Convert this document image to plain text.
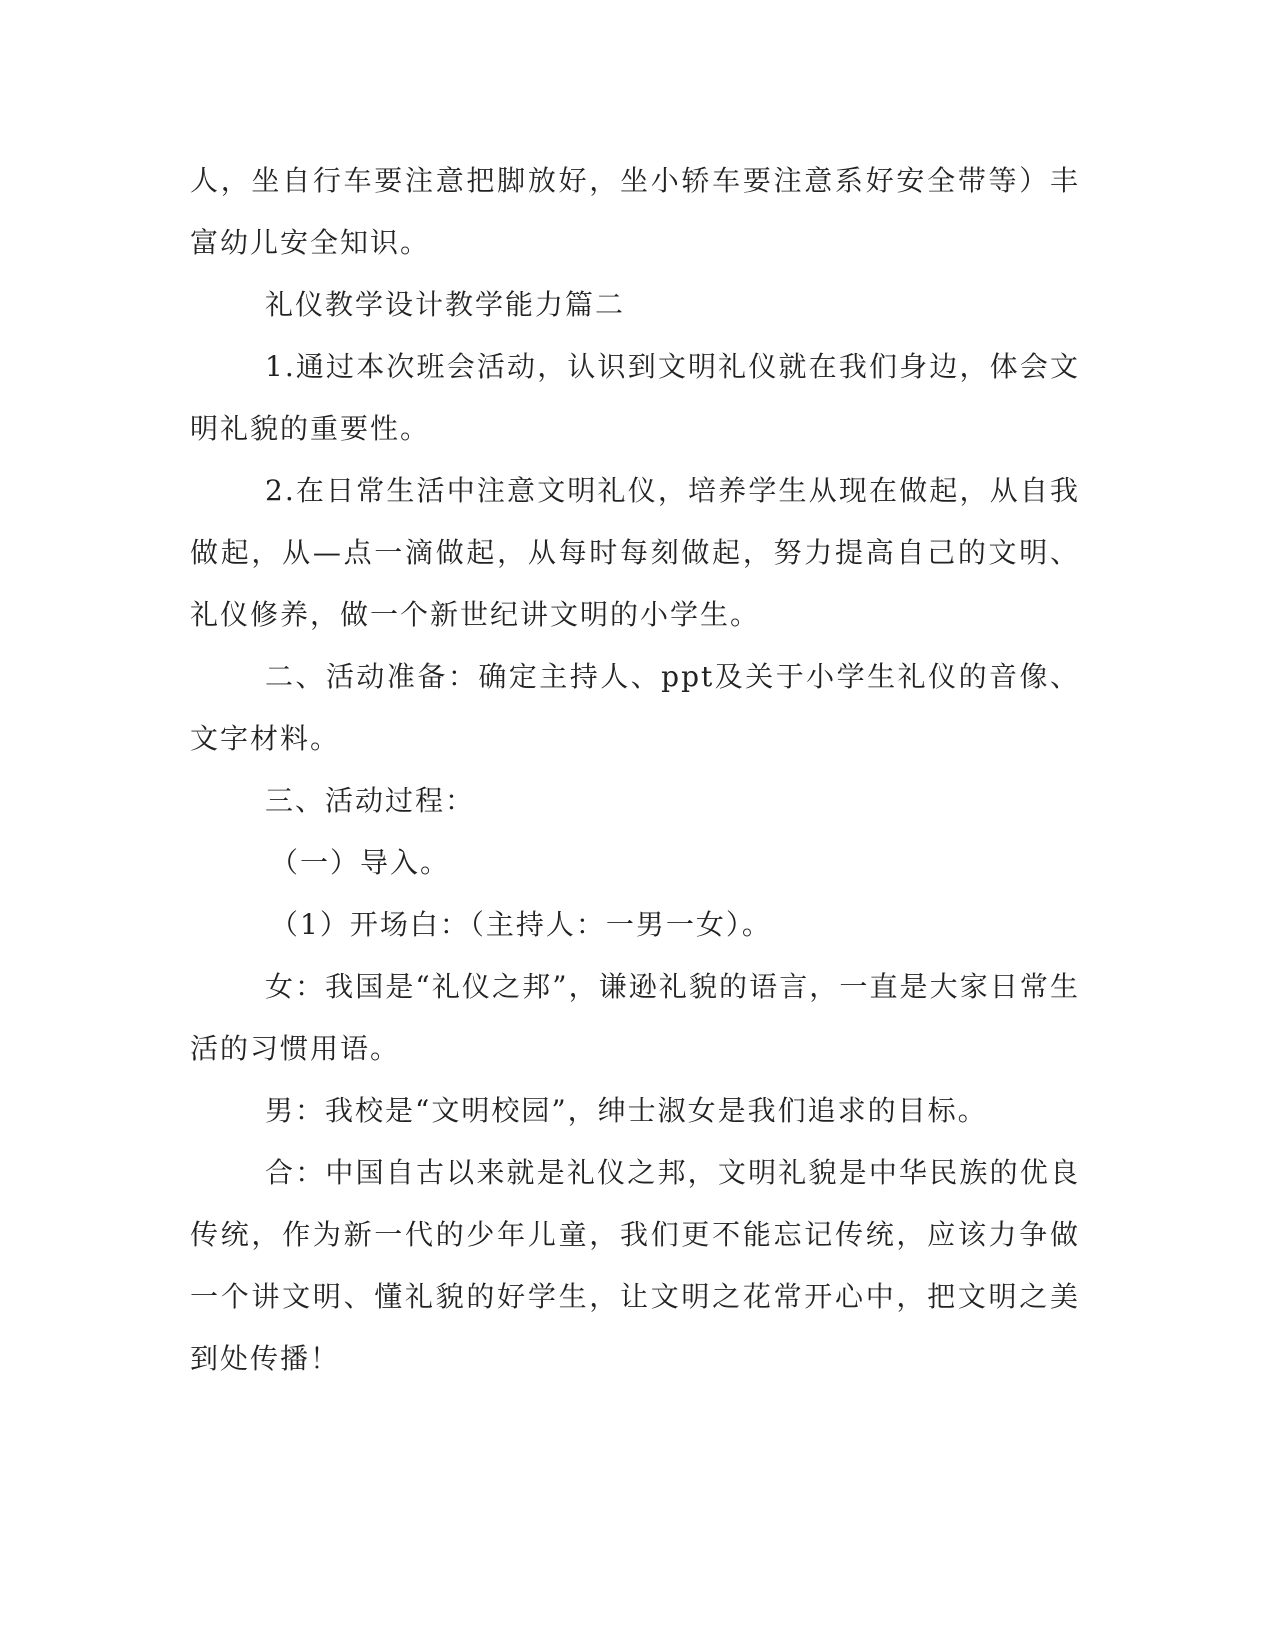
人，坐自行车要注意把脚放好，坐小轿车要注意系好安全带等）丰富幼儿安全知识。

礼仪教学设计教学能力篇二

1.通过本次班会活动，认识到文明礼仪就在我们身边，体会文明礼貌的重要性。

2.在日常生活中注意文明礼仪，培养学生从现在做起，从自我做起，从—点一滴做起，从每时每刻做起，努力提高自己的文明、礼仪修养，做一个新世纪讲文明的小学生。

二、活动准备：确定主持人、ppt及关于小学生礼仪的音像、文字材料。

三、活动过程：

（一）导入。

（1）开场白：（主持人：一男一女）。

女：我国是“礼仪之邦”，谦逊礼貌的语言，一直是大家日常生活的习惯用语。

男：我校是“文明校园”，绅士淑女是我们追求的目标。

合：中国自古以来就是礼仪之邦，文明礼貌是中华民族的优良传统，作为新一代的少年儿童，我们更不能忘记传统，应该力争做一个讲文明、懂礼貌的好学生，让文明之花常开心中，把文明之美到处传播！
